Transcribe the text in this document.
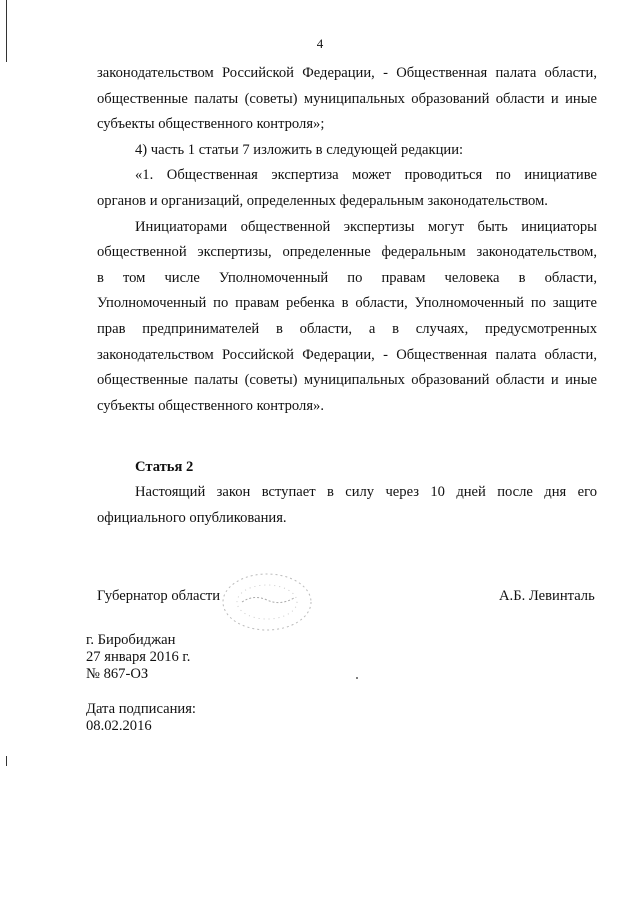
4
законодательством Российской Федерации, - Общественная палата области,
общественные палаты (советы) муниципальных образований области и иные
субъекты общественного контроля»;
4) часть 1 статьи 7 изложить в следующей редакции:
«1. Общественная экспертиза может проводиться по инициативе
органов и организаций, определенных федеральным законодательством.
Инициаторами общественной экспертизы могут быть инициаторы
общественной экспертизы, определенные федеральным законодательством,
в том числе Уполномоченный по правам человека в области,
Уполномоченный по правам ребенка в области, Уполномоченный по защите
прав предпринимателей в области, а в случаях, предусмотренных
законодательством Российской Федерации, - Общественная палата области,
общественные палаты (советы) муниципальных образований области и иные
субъекты общественного контроля».
Статья 2
Настоящий закон вступает в силу через 10 дней после дня его
официального опубликования.
Губернатор области	А.Б. Левинталь
г. Биробиджан
27 января 2016 г.
№ 867-ОЗ
Дата подписания:
08.02.2016
